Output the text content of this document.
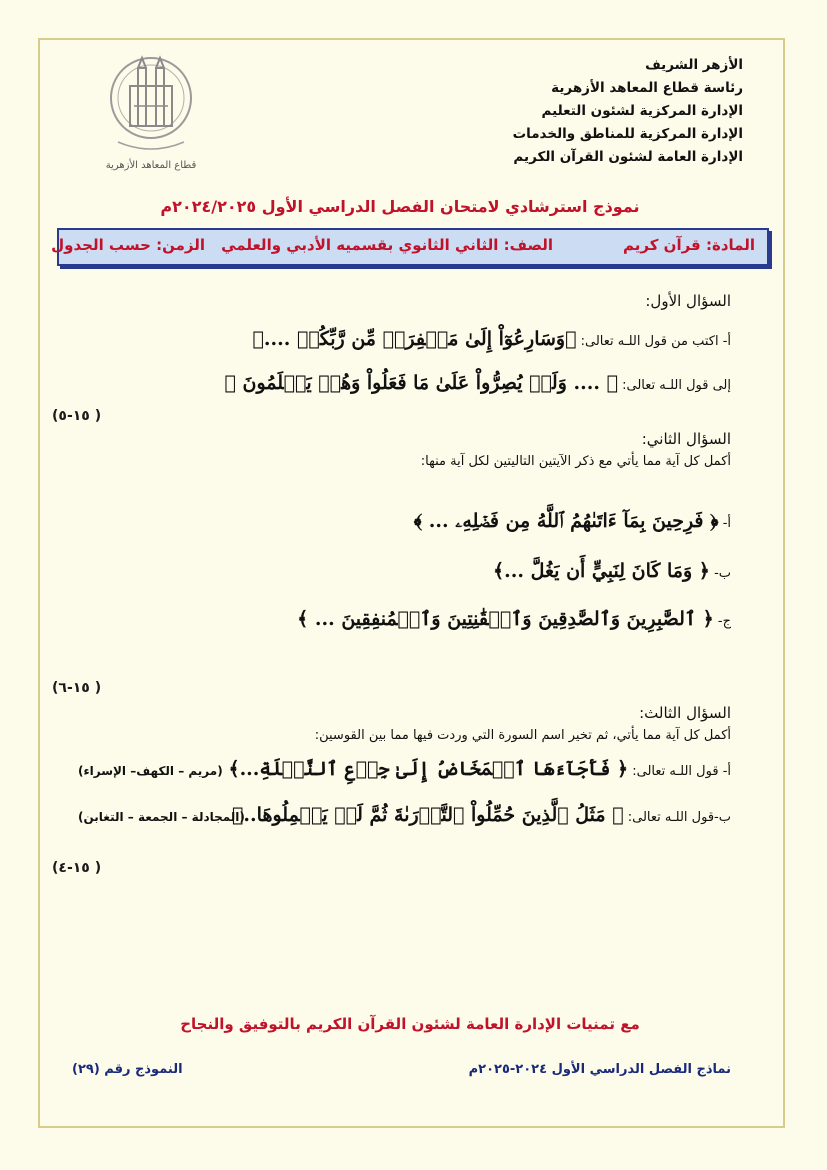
الأزهر الشريف
رئاسة قطاع المعاهد الأزهرية
الإدارة المركزية لشئون التعليم
الإدارة المركزية للمناطق والخدمات
الإدارة العامة لشئون القرآن الكريم
قطاع المعاهد الأزهرية
نموذج استرشادي لامتحان الفصل الدراسي الأول ٢٠٢٤/٢٠٢٥م
المادة: قرآن كريم
الصف: الثاني الثانوي بقسميه الأدبي والعلمي
الزمن: حسب الجدول
السؤال الأول:
أ- اكتب من قول اللـه تعالى: ﴿وَسَارِعُوٓاْ إِلَىٰ مَغۡفِرَةٖ مِّن رَّبِّكُمۡ ....﴾
إلى قول اللـه تعالى: ﴿ .... وَلَمۡ يُصِرُّواْ عَلَىٰ مَا فَعَلُواْ وَهُمۡ يَعۡلَمُونَ ﴾
(١٥-٥ )
السؤال الثاني:
أكمل كل آية مما يأتي مع ذكر الآيتين التاليتين لكل آية منها:
أ- ﴿ فَرِحِينَ بِمَآ ءَاتَىٰهُمُ ٱللَّهُ مِن فَضۡلِهِۦ ... ﴾
ب- ﴿ وَمَا كَانَ لِنَبِيٍّ أَن يَغُلَّ ...﴾
ج- ﴿ ٱلصَّٰبِرِينَ وَٱلصَّٰدِقِينَ وَٱلۡقَٰنِتِينَ وَٱلۡمُنفِقِينَ ... ﴾
(١٥-٦ )
السؤال الثالث:
أكمل كل آية مما يأتي، ثم تخير اسم السورة التي وردت فيها مما بين القوسين:
أ- قول اللـه تعالى: ﴿ فَأَجَآءَهَا ٱلۡمَخَاضُ إِلَىٰ جِذۡعِ ٱلنَّخۡلَةِ...﴾
(مريم – الكهف– الإسراء)
ب-قول اللـه تعالى: ﴿ مَثَلُ ٱلَّذِينَ حُمِّلُواْ ٱلتَّوۡرَىٰةَ ثُمَّ لَمۡ يَحۡمِلُوهَا..﴾
(المجادلة – الجمعة – التغابن)
(١٥-٤ )
مع تمنيات الإدارة العامة لشئون القرآن الكريم بالتوفيق والنجاح
نماذج الفصل الدراسي الأول ٢٠٢٤-٢٠٢٥م
النموذج رقم (٢٩)
